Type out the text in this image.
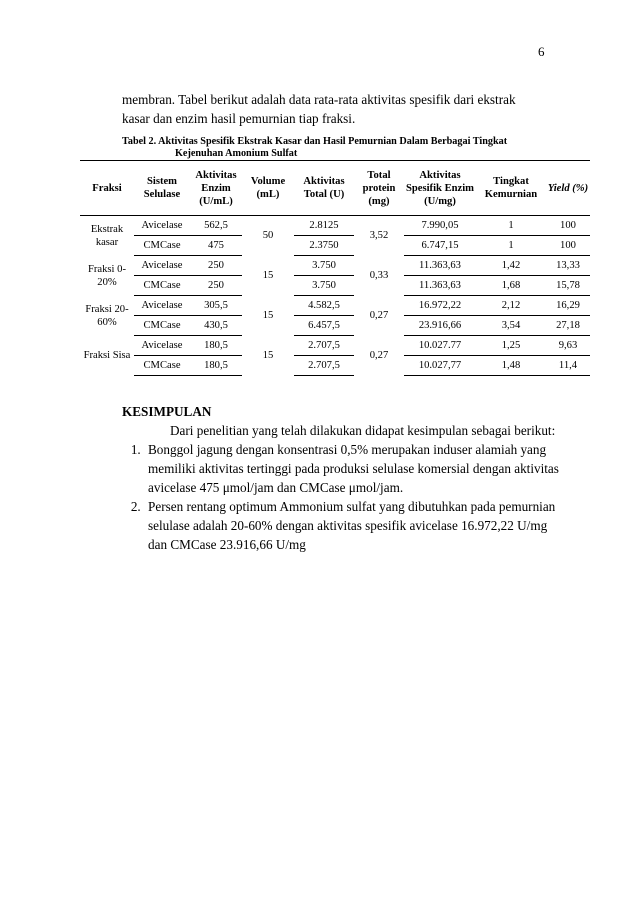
6

membran. Tabel berikut adalah data rata-rata aktivitas spesifik dari ekstrak kasar dan enzim hasil pemurnian tiap fraksi.

Tabel 2. Aktivitas Spesifik Ekstrak Kasar dan Hasil Pemurnian Dalam Berbagai Tingkat
Kejenuhan Amonium Sulfat
Fraksi	Sistem Selulase	Aktivitas Enzim (U/mL)	Volume (mL)	Aktivitas Total (U)	Total protein (mg)	Aktivitas Spesifik Enzim (U/mg)	Tingkat Kemurnian	Yield (%)
Ekstrak kasar	Avicelase	562,5	50	2.8125	3,52	7.990,05	1	100
	CMCase	475		2.3750		6.747,15	1	100
Fraksi 0-20%	Avicelase	250	15	3.750	0,33	11.363,63	1,42	13,33
	CMCase	250		3.750		11.363,63	1,68	15,78
Fraksi 20-60%	Avicelase	305,5	15	4.582,5	0,27	16.972,22	2,12	16,29
	CMCase	430,5		6.457,5		23.916,66	3,54	27,18
Fraksi Sisa	Avicelase	180,5	15	2.707,5	0,27	10.027.77	1,25	9,63
	CMCase	180,5		2.707,5		10.027,77	1,48	11,4
KESIMPULAN

Dari penelitian yang telah dilakukan didapat kesimpulan sebagai berikut:

1. Bonggol jagung dengan konsentrasi 0,5% merupakan induser alamiah yang memiliki aktivitas tertinggi pada produksi selulase komersial dengan aktivitas avicelase 475 μmol/jam dan CMCase μmol/jam.
2. Persen rentang optimum Ammonium sulfat yang dibutuhkan pada pemurnian selulase adalah 20-60% dengan aktivitas spesifik avicelase 16.972,22 U/mg dan CMCase 23.916,66 U/mg
